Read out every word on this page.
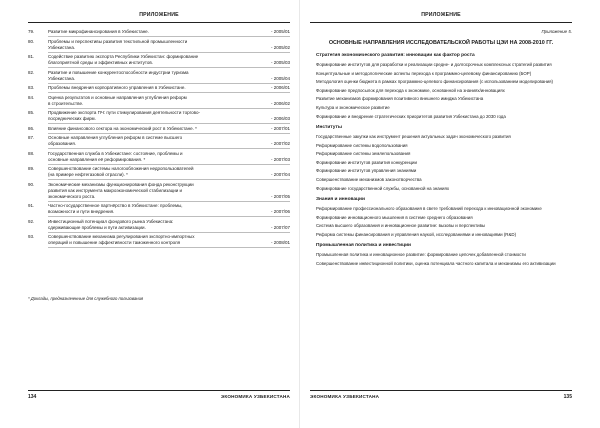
ПРИЛОЖЕНИЕ
79.	Развитие микрофинансирования в Узбекистане.	- 2005/01
80.	Проблемы и перспективы развития текстильной промышленности
Узбекистана.	- 2005/02
81.	Содействие развитию экспорта Республики Узбекистан: формирование
благоприятной среды и эффективных институтов.	- 2005/03
82.	Развитие и повышение конкурентоспособности индустрии туризма
Узбекистана.	- 2005/04
83.	Проблемы внедрения корпоративного управления в Узбекистане.	- 2006/01
84.	Оценка результатов и основные направления углубления реформ
в строительстве.	- 2006/02
85.	Продвижение экспорта ПЧ: пути стимулирования деятельности торгово-
посреднических фирм.	- 2006/03
86.	Влияние финансового сектора на экономический рост в Узбекистане. *	- 2007/01
87.	Основные направления углубления реформ в системе высшего
образования.	- 2007/02
88.	Государственная служба в Узбекистане: состояние, проблемы и
основные направления её реформирования. *	- 2007/03
89.	Совершенствование системы налогообложения недропользователей
(на примере нефтегазовой отрасли). *	- 2007/04
90.	Экономические механизмы функционирования фонда реконструкции
развития как инструмента макроэкономической стабилизации и
экономического роста.	- 2007/05
91.	Частно-государственное партнёрство в Узбекистане: проблемы,
возможности и пути внедрения.	- 2007/06
92.	Инвестиционный потенциал фондового рынка Узбекистана:
сдерживающие проблемы и пути активизации.	- 2007/07
93.	Совершенствование механизма регулирования экспортно-импортных
операций и повышение эффективности таможенного контроля	- 2008/01
* Доклады, предназначенные для служебного пользования
134	ЭКОНОМИКА УЗБЕКИСТАНА
ПРИЛОЖЕНИЕ
Приложение 5.
ОСНОВНЫЕ НАПРАВЛЕНИЯ ИССЛЕДОВАТЕЛЬСКОЙ РАБОТЫ ЦЭИ НА 2008-2010 ГГ.
Стратегия экономического развития: инновации как фактор роста
Формирование институтов для разработки и реализации средне- и долгосрочных комплексных стратегий развития
Концептуальные и методологические аспекты перехода к программно-целевому финансированию (БОР)
Методология оценки бюджета в рамках программно-целевого финансирования (с использованием моделирования)
Формирование предпосылок для перехода к экономике, основанной на знаниях/инновациях
Развитие механизмов формирования позитивного внешнего имиджа Узбекистана
Культура и экономическое развитие
Формирование и внедрение стратегических приоритетов развития Узбекистана до 2030 года
Институты
Государственные закупки как инструмент решения актуальных задач экономического развития
Реформирование системы водопользования
Реформирование системы землепользования
Формирование институтов развития конкуренции
Формирование институтов управления знаниями
Совершенствование механизмов законотворчества
Формирование государственной службы, основанной на знаниях
Знания и инновации
Реформирование профессионального образования в свете требований перехода к инновационной экономике
Формирование инновационного мышления в системе среднего образования
Система высшего образования и инновационное развитие: вызовы и перспективы
Реформа системы финансирования и управления наукой, исследованиями и инновациями (R&D)
Промышленная политика и инвестиции
Промышленная политика и инновационное развитие: формирование цепочек добавленной стоимости
Совершенствование инвестиционной политики, оценка потенциала частного капитала и механизмы его активизации
ЭКОНОМИКА УЗБЕКИСТАНА	135
